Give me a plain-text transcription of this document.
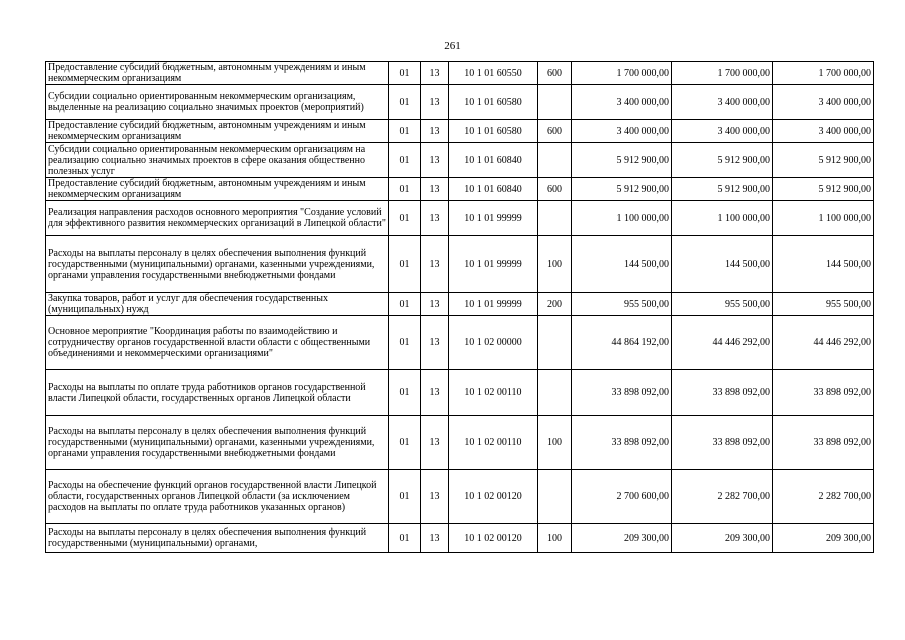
261
Предоставление субсидий бюджетным, автономным учреждениям и иным некоммерческим организациям	01	13	10 1 01 60550	600	1 700 000,00	1 700 000,00	1 700 000,00
Субсидии социально ориентированным некоммерческим организациям, выделенные на реализацию социально значимых проектов (мероприятий)	01	13	10 1 01 60580		3 400 000,00	3 400 000,00	3 400 000,00
Предоставление субсидий бюджетным, автономным учреждениям и иным некоммерческим организациям	01	13	10 1 01 60580	600	3 400 000,00	3 400 000,00	3 400 000,00
Субсидии социально ориентированным некоммерческим организациям на реализацию социально значимых проектов в сфере оказания общественно полезных услуг	01	13	10 1 01 60840		5 912 900,00	5 912 900,00	5 912 900,00
Предоставление субсидий бюджетным, автономным учреждениям и иным некоммерческим организациям	01	13	10 1 01 60840	600	5 912 900,00	5 912 900,00	5 912 900,00
Реализация направления расходов основного мероприятия "Создание условий для эффективного развития некоммерческих организаций в Липецкой области"	01	13	10 1 01 99999		1 100 000,00	1 100 000,00	1 100 000,00
Расходы на выплаты персоналу в целях обеспечения выполнения функций государственными (муниципальными) органами, казенными учреждениями, органами управления государственными внебюджетными фондами	01	13	10 1 01 99999	100	144 500,00	144 500,00	144 500,00
Закупка товаров, работ и услуг для обеспечения государственных (муниципальных) нужд	01	13	10 1 01 99999	200	955 500,00	955 500,00	955 500,00
Основное мероприятие "Координация работы по взаимодействию и сотрудничеству органов государственной власти области с общественными объединениями и некоммерческими организациями"	01	13	10 1 02 00000		44 864 192,00	44 446 292,00	44 446 292,00
Расходы на выплаты по оплате труда работников органов государственной власти Липецкой области, государственных органов Липецкой области	01	13	10 1 02 00110		33 898 092,00	33 898 092,00	33 898 092,00
Расходы на выплаты персоналу в целях обеспечения выполнения функций государственными (муниципальными) органами, казенными учреждениями, органами управления государственными внебюджетными фондами	01	13	10 1 02 00110	100	33 898 092,00	33 898 092,00	33 898 092,00
Расходы на обеспечение функций органов государственной власти Липецкой области, государственных органов Липецкой области (за исключением расходов на выплаты по оплате труда работников указанных органов)	01	13	10 1 02 00120		2 700 600,00	2 282 700,00	2 282 700,00
Расходы на выплаты персоналу в целях обеспечения выполнения функций государственными (муниципальными) органами,	01	13	10 1 02 00120	100	209 300,00	209 300,00	209 300,00
